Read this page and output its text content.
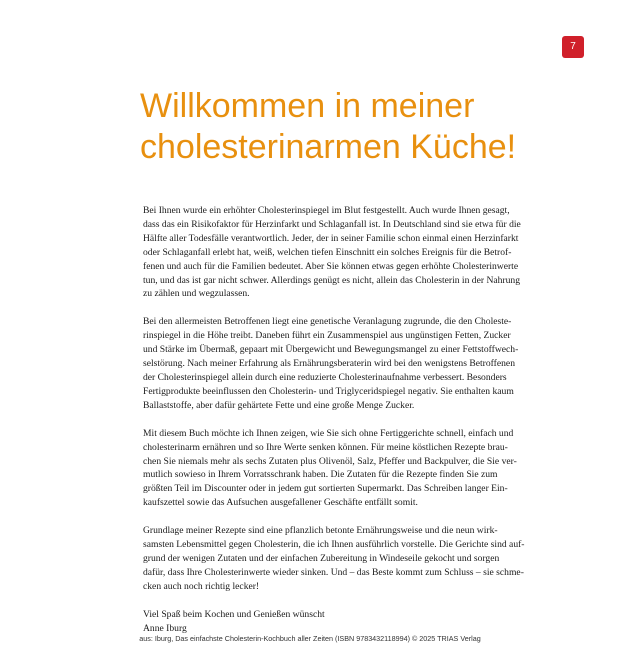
7
Willkommen in meiner
cholesterinarmen Küche!

Bei Ihnen wurde ein erhöhter Cholesterinspiegel im Blut festgestellt. Auch wurde Ihnen gesagt,
dass das ein Risikofaktor für Herzinfarkt und Schlaganfall ist. In Deutschland sind sie etwa für die
Hälfte aller Todesfälle verantwortlich. Jeder, der in seiner Familie schon einmal einen Herzinfarkt
oder Schlaganfall erlebt hat, weiß, welchen tiefen Einschnitt ein solches Ereignis für die Betrof-
fenen und auch für die Familien bedeutet. Aber Sie können etwas gegen erhöhte Cholesterinwerte
tun, und das ist gar nicht schwer. Allerdings genügt es nicht, allein das Cholesterin in der Nahrung
zu zählen und wegzulassen.

Bei den allermeisten Betroffenen liegt eine genetische Veranlagung zugrunde, die den Choleste-
rinspiegel in die Höhe treibt. Daneben führt ein Zusammenspiel aus ungünstigen Fetten, Zucker
und Stärke im Übermaß, gepaart mit Übergewicht und Bewegungsmangel zu einer Fettstoffwech-
selstörung. Nach meiner Erfahrung als Ernährungsberaterin wird bei den wenigstens Betroffenen
der Cholesterinspiegel allein durch eine reduzierte Cholesterinaufnahme verbessert. Besonders
Fertigprodukte beeinflussen den Cholesterin- und Triglyceridspiegel negativ. Sie enthalten kaum
Ballaststoffe, aber dafür gehärtete Fette und eine große Menge Zucker.

Mit diesem Buch möchte ich Ihnen zeigen, wie Sie sich ohne Fertiggerichte schnell, einfach und
cholesterinarm ernähren und so Ihre Werte senken können. Für meine köstlichen Rezepte brau-
chen Sie niemals mehr als sechs Zutaten plus Olivenöl, Salz, Pfeffer und Backpulver, die Sie ver-
mutlich sowieso in Ihrem Vorratsschrank haben. Die Zutaten für die Rezepte finden Sie zum
größten Teil im Discounter oder in jedem gut sortierten Supermarkt. Das Schreiben langer Ein-
kaufszettel sowie das Aufsuchen ausgefallener Geschäfte entfällt somit.

Grundlage meiner Rezepte sind eine pflanzlich betonte Ernährungsweise und die neun wirk-
samsten Lebensmittel gegen Cholesterin, die ich Ihnen ausführlich vorstelle. Die Gerichte sind auf-
grund der wenigen Zutaten und der einfachen Zubereitung in Windeseile gekocht und sorgen
dafür, dass Ihre Cholesterinwerte wieder sinken. Und – das Beste kommt zum Schluss – sie schme-
cken auch noch richtig lecker!

Viel Spaß beim Kochen und Genießen wünscht
Anne Iburg

aus: Iburg, Das einfachste Cholesterin-Kochbuch aller Zeiten (ISBN 9783432118994) © 2025 TRIAS Verlag
